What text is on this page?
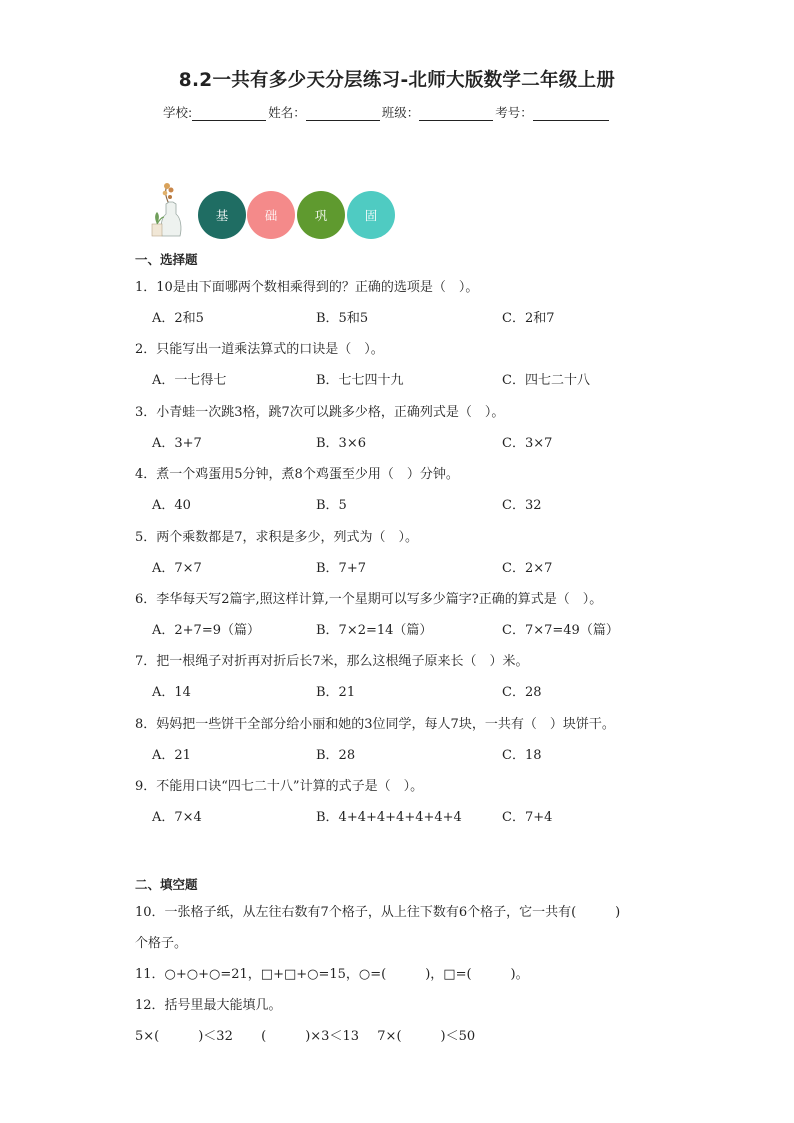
8.2一共有多少天分层练习-北师大版数学二年级上册
学校:	姓名：	班级：	考号：
基	础	巩	固
一、选择题
1．10是由下面哪两个数相乘得到的？正确的选项是（　）。
A．2和5	B．5和5	C．2和7
2．只能写出一道乘法算式的口诀是（　）。
A．一七得七	B．七七四十九	C．四七二十八
3．小青蛙一次跳3格，跳7次可以跳多少格，正确列式是（　）。
A．3+7	B．3×6	C．3×7
4．煮一个鸡蛋用5分钟，煮8个鸡蛋至少用（　）分钟。
A．40	B．5	C．32
5．两个乘数都是7，求积是多少，列式为（　）。
A．7×7	B．7+7	C．2×7
6．李华每天写2篇字,照这样计算,一个星期可以写多少篇字?正确的算式是（　）。
A．2+7=9（篇）	B．7×2=14（篇）	C．7×7=49（篇）
7．把一根绳子对折再对折后长7米，那么这根绳子原来长（　）米。
A．14	B．21	C．28
8．妈妈把一些饼干全部分给小丽和她的3位同学，每人7块，一共有（　）块饼干。
A．21	B．28	C．18
9．不能用口诀“四七二十八”计算的式子是（　）。
A．7×4	B．4+4+4+4+4+4+4	C．7+4
二、填空题
10．一张格子纸，从左往右数有7个格子，从上往下数有6个格子，它一共有(　　　)
个格子。
11．○+○+○=21，□+□+○=15，○=(　　　)，□=(　　　)。
12．括号里最大能填几。
5×(　　　)＜32 (　　　)×3＜13 7×(　　　)＜50
